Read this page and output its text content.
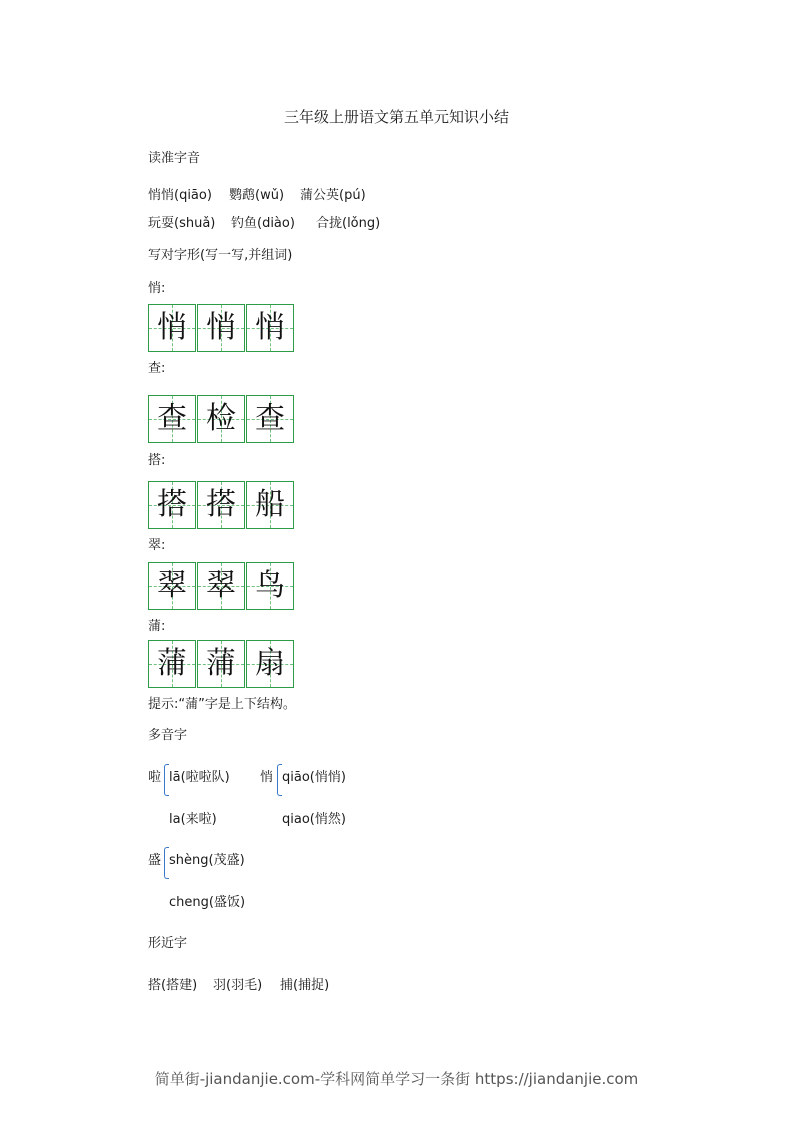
三年级上册语文第五单元知识小结
读准字音
悄悄(qiāo) 鹦鹉(wǔ) 蒲公英(pú)
玩耍(shuǎ) 钓鱼(diào) 合拢(lǒng)
写对字形(写一写,并组词)
悄:
悄 悄 悄
查:
查 检 查
搭:
搭 搭 船
翠:
翠 翠 鸟
蒲:
蒲 蒲 扇
提示:“蒲”字是上下结构。
多音字
啦 lā(啦啦队)
la(来啦)
悄 qiāo(悄悄)
qiao(悄然)
盛 shèng(茂盛)
cheng(盛饭)
形近字
搭(搭建) 羽(羽毛) 捕(捕捉)
简单街-jiandanjie.com-学科网简单学习一条街 https://jiandanjie.com
